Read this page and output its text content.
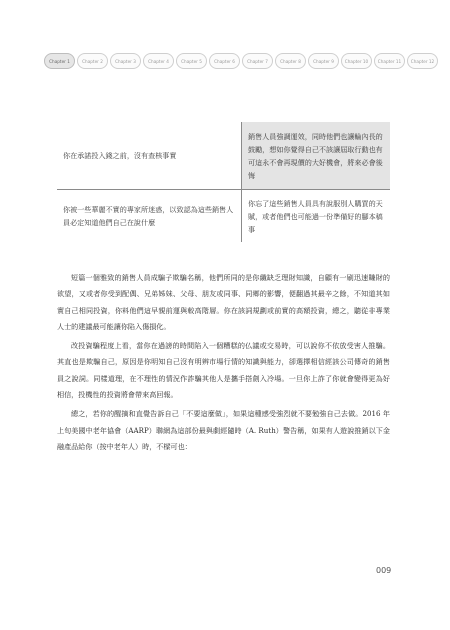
Chapter 1	Chapter 2	Chapter 3	Chapter 4	Chapter 5	Chapter 6	Chapter 7	Chapter 8	Chapter 9	Chapter 10	Chapter 11	Chapter 12
你在承諾投入錢之前，沒有查核事實	銷售人員強調運效，同時他們也讓輪內長的鼓勵，想如你覺得自己不該讓屆取行動也有可這永不會再現價的大好機會，將來必會後悔
你被一些華麗不實的專家所迷惑，以致認為這些銷售人員必定知道他們自己在說什麼	你忘了這些銷售人員具有說服別人購買的天賦，或者他們也可能過一份準備好的腳本稿事

短篇一個雅致的銷售人員成騙子欺騙名稱，他們所同的是你纖缺乏理財知識，自顧有一刷迅速賺財的欲望，又或者你受到配偶、兄弟姊妹、父母、朋友或同事、同鄉的影響，便翻過其最辛之餘，不知道其如實自己相同投資，你料他們這早親前運與較高階層。你在該詞規劃或前實的高額投資，總之，聽從非專業人士的建議最可能讓你陷入傷損化。

改投資騙程度上看，當你在過謗的時間陷入一個糟糕的仏議或交易時，可以說你不依放受害人推騙。其直也是欺騙自己，原因是你明知自己沒有明辨市場行情的知識與能力，卻選擇相信經該公司傳奇的銷售員之說詞。同樣道理，在不理性的情況作詐騙其他人是攜手搭劍入冷場。一旦你上詐了你就會變得更為好相信，投機性的投資將會帶來高回報。

總之，若你的醒摘和直覺告訴自己「不要這麼做」，如果這種感受強烈就不要勉強自己去做。2016 年上旬美國中老年協會（AARP）聯網為這部份最與劇經隨時（A. Ruth）警告稱，如果有人遊說推銷以下金融產品給你（按中老年人）時，不樑可也：

009
